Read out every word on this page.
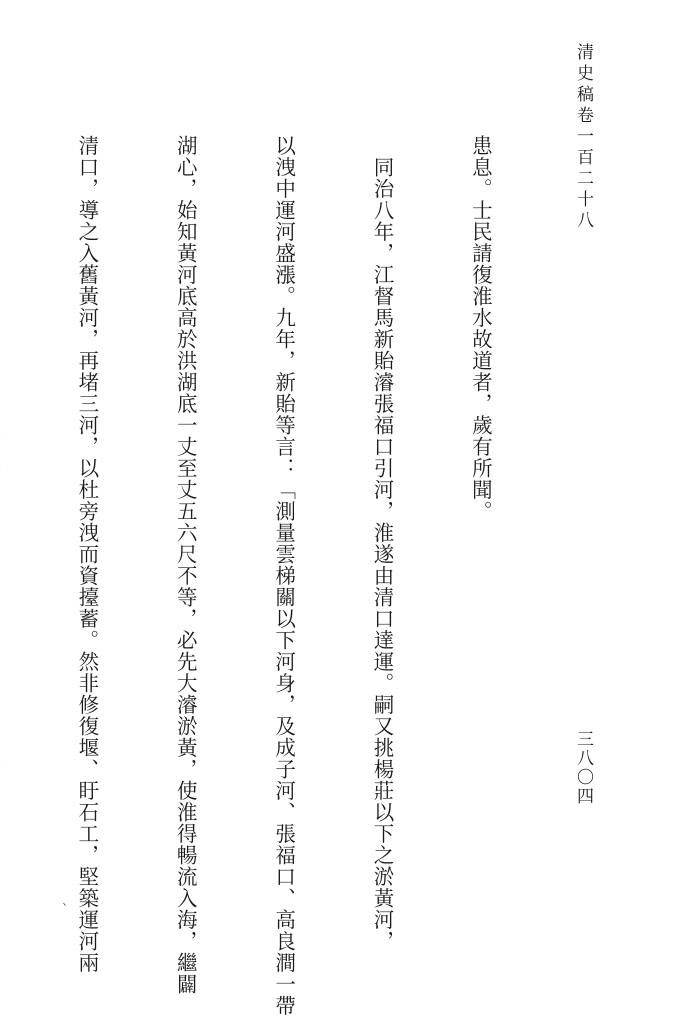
清史稿卷一百二十八

患息。士民請復淮水故道者，歲有所聞。

　同治八年，江督馬新貽濬張福口引河，淮遂由清口達運。嗣又挑楊莊以下之淤黃河，

以洩中運河盛漲。九年，新貽等言：「測量雲梯關以下河身，及成子河、張福口、高良澗一帶

湖心，始知黃河底高於洪湖底一丈至丈五六尺不等，必先大濬淤黃，使淮得暢流入海，繼闢

清口，導之入舊黃河，再堵三河，以杜旁洩而資擡蓄。然非修復堰、盱石工，堅築運河兩

	三八〇四
ˋ
